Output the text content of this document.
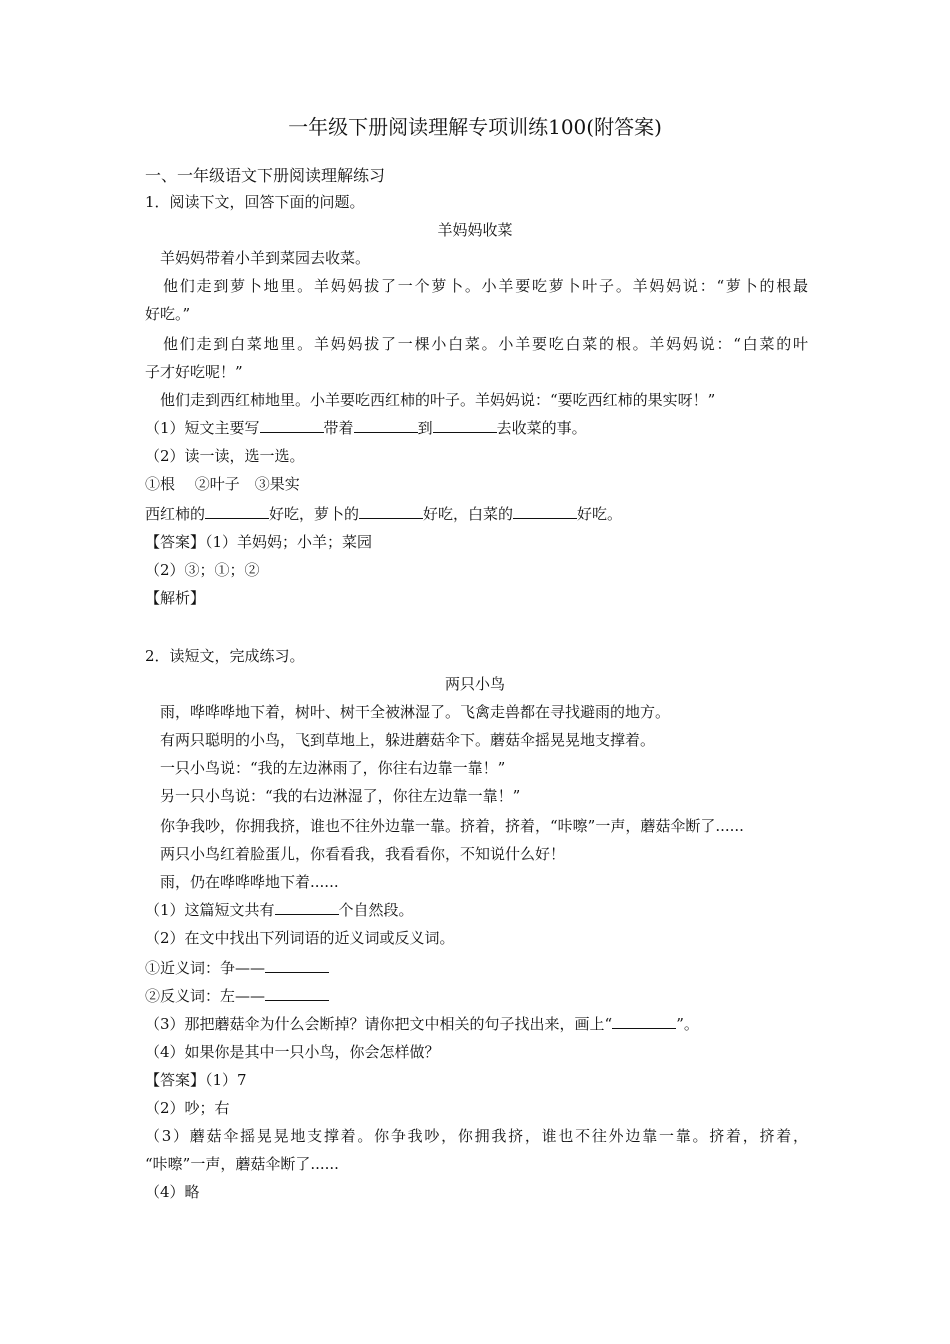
一年级下册阅读理解专项训练100(附答案)
一、一年级语文下册阅读理解练习
1．阅读下文，回答下面的问题。
羊妈妈收菜
羊妈妈带着小羊到菜园去收菜。
他们走到萝卜地里。羊妈妈拔了一个萝卜。小羊要吃萝卜叶子。羊妈妈说：“萝卜的根最
好吃。”
他们走到白菜地里。羊妈妈拔了一棵小白菜。小羊要吃白菜的根。羊妈妈说：“白菜的叶
子才好吃呢！”
他们走到西红柿地里。小羊要吃西红柿的叶子。羊妈妈说：“要吃西红柿的果实呀！”
（1）短文主要写	带着	到	去收菜的事。
（2）读一读，选一选。
①根　 ②叶子　③果实
西红柿的	好吃，萝卜的	好吃，白菜的	好吃。
【答案】（1）羊妈妈；小羊；菜园
（2）③；①；②
【解析】
2．读短文，完成练习。
两只小鸟
雨，哗哗哗地下着，树叶、树干全被淋湿了。飞禽走兽都在寻找避雨的地方。
有两只聪明的小鸟，飞到草地上，躲进蘑菇伞下。蘑菇伞摇晃晃地支撑着。
一只小鸟说：“我的左边淋雨了，你往右边靠一靠！”
另一只小鸟说：“我的右边淋湿了，你往左边靠一靠！”
你争我吵，你拥我挤，谁也不往外边靠一靠。挤着，挤着，“咔嚓”一声，蘑菇伞断了......
两只小鸟红着脸蛋儿，你看看我，我看看你，不知说什么好！
雨，仍在哗哗哗地下着......
（1）这篇短文共有	个自然段。
（2）在文中找出下列词语的近义词或反义词。
①近义词：争——
②反义词：左——
（3）那把蘑菇伞为什么会断掉？请你把文中相关的句子找出来，画上“	”。
（4）如果你是其中一只小鸟，你会怎样做？
【答案】（1）7
（2）吵；右
（3）蘑菇伞摇晃晃地支撑着。你争我吵，你拥我挤，谁也不往外边靠一靠。挤着，挤着，
“咔嚓”一声，蘑菇伞断了......
（4）略
